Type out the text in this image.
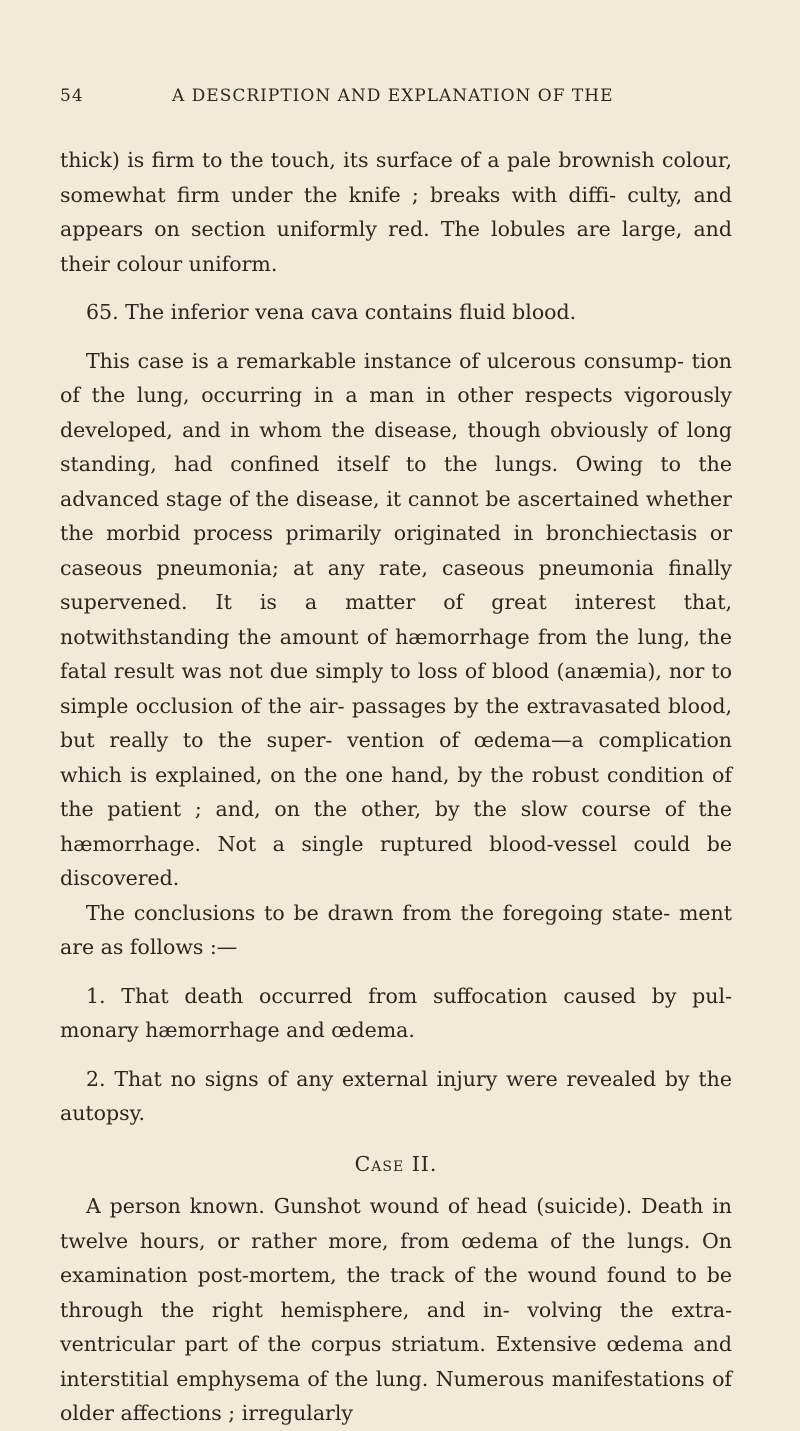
54	A DESCRIPTION AND EXPLANATION OF THE

thick) is firm to the touch, its surface of a pale brownish colour, somewhat firm under the knife ; breaks with diffi- culty, and appears on section uniformly red. The lobules are large, and their colour uniform.

65. The inferior vena cava contains fluid blood.

This case is a remarkable instance of ulcerous consump- tion of the lung, occurring in a man in other respects vigorously developed, and in whom the disease, though obviously of long standing, had confined itself to the lungs. Owing to the advanced stage of the disease, it cannot be ascertained whether the morbid process primarily originated in bronchiectasis or caseous pneumonia; at any rate, caseous pneumonia finally supervened. It is a matter of great interest that, notwithstanding the amount of hæmorrhage from the lung, the fatal result was not due simply to loss of blood (anæmia), nor to simple occlusion of the air- passages by the extravasated blood, but really to the super- vention of œdema—a complication which is explained, on the one hand, by the robust condition of the patient ; and, on the other, by the slow course of the hæmorrhage. Not a single ruptured blood-vessel could be discovered.

The conclusions to be drawn from the foregoing state- ment are as follows :—

1. That death occurred from suffocation caused by pul- monary hæmorrhage and œdema.

2. That no signs of any external injury were revealed by the autopsy.

Case II.

A person known. Gunshot wound of head (suicide). Death in twelve hours, or rather more, from œdema of the lungs. On examination post-mortem, the track of the wound found to be through the right hemisphere, and in- volving the extra-ventricular part of the corpus striatum. Extensive œdema and interstitial emphysema of the lung. Numerous manifestations of older affections ; irregularly
